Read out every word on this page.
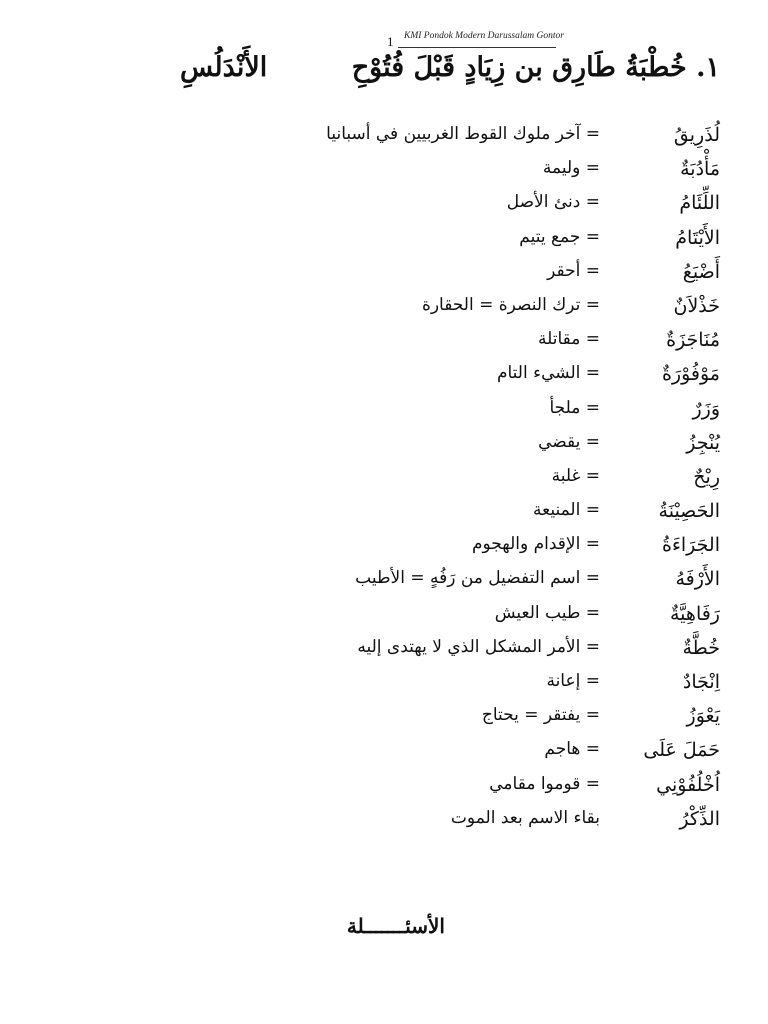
1 KMI Pondok Modern Darussalam Gontor
١. خُطْبَةُ طَارِق بن زِيَادٍ قَبْلَ فُتُوْحِ
الأَنْدَلُسِ
لُذَرِيقُ
= آخر ملوك القوط الغربيين في أسبانيا
مَأْدُبَةٌ
= وليمة
اللِّئَامُ
= دنئ الأصل
الأَيْتَامُ
= جمع يتيم
أَضْيَعُ
= أحقر
خَذْلاَنٌ
= ترك النصرة = الحقارة
مُنَاجَزَةٌ
= مقاتلة
مَوْفُوْرَةٌ
= الشيء التام
وَزَرٌ
= ملجأ
يُنْجِزُ
= يقضي
رِيْحٌ
= غلبة
الحَصِيْنَةُ
= المنيعة
الجَرَاءَةُ
= الإقدام والهجوم
الأَرْفَهُ
= اسم التفضيل من رَفُهٍ = الأطيب
رَفَاهِيَّةٌ
= طيب العيش
خُطَّةٌ
= الأمر المشكل الذي لا يهتدى إليه
اِنْجَادٌ
= إعانة
يَعْوَزُ
= يفتقر = يحتاج
حَمَلَ عَلَى
= هاجم
اُخْلُفُوْنِي
= قوموا مقامي
الذِّكْرُ
بقاء الاسم بعد الموت
الأسئـــــــلة
